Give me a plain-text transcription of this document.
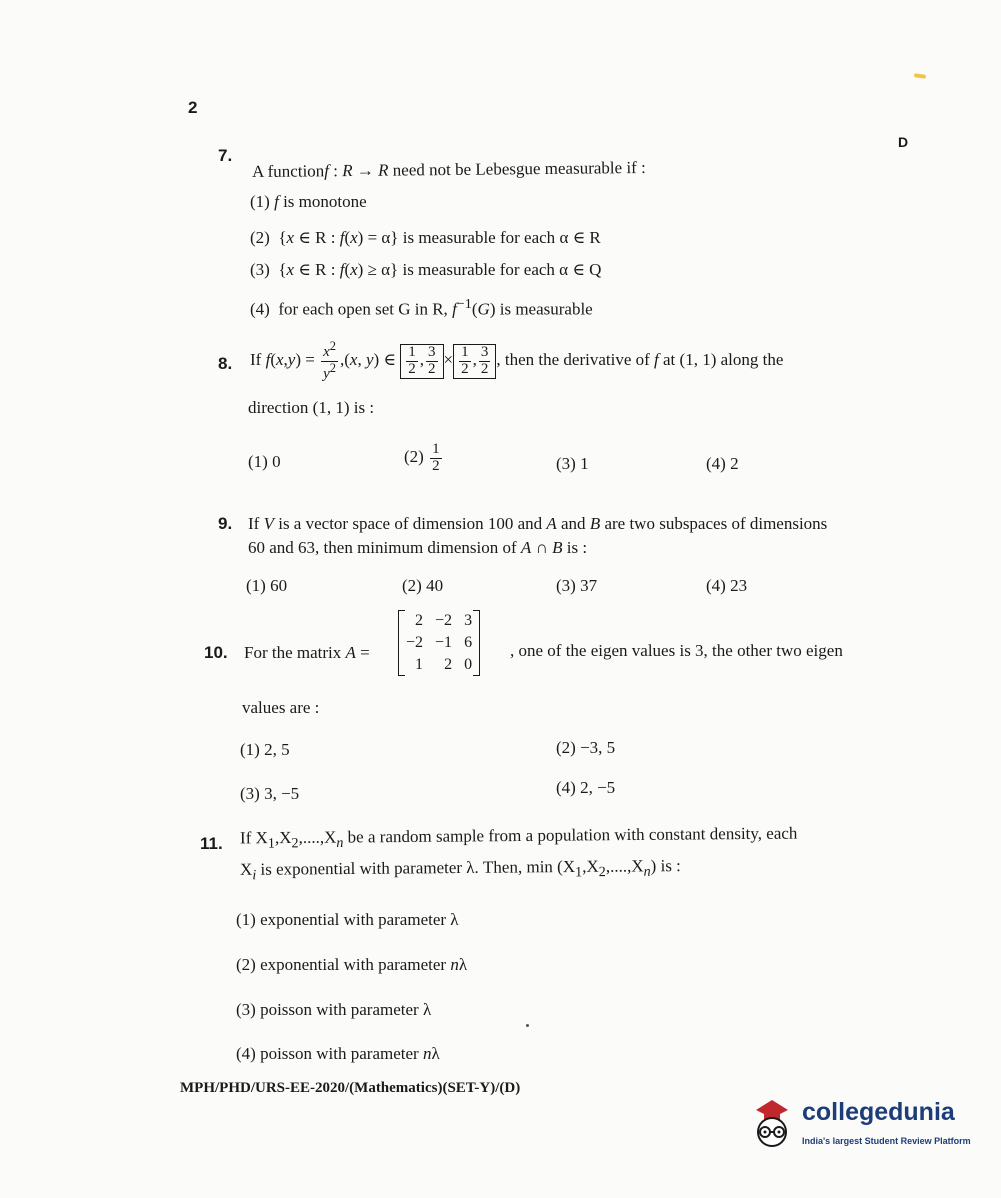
2
D
7.
A functionf : R → R need not be Lebesgue measurable if :
(1) f is monotone
(2)  {x ∈ R : f(x) = α} is measurable for each α ∈ R
(3)  {x ∈ R : f(x) ≥ α} is measurable for each α ∈ Q
(4) for each open set G in R, $f^{-1}(G)$ is measurable
8. If $f(x,y) = \frac{x^2}{y^2} ,(x$, y) ∈ $\frac{1}{2}$ , $\frac{3}{2} \times \frac{1}{2}$ , $\frac{3}{2}$ , then the derivative of f at (1, 1) along the
direction (1, 1) is :
(1) 0	$(2) \frac{1}{2}$	(3) 1	(4) 2
9. If V is a vector space of dimension 100 and A and B are two subspaces of dimensions
60 and 63, then minimum dimension of A ∩ B is :
(1) 60	(2) 40	(3) 37	(4) 23
10. For the matrix A =
2	−2	3
−2	−1	6
1	2	0
, one of the eigen values is 3, the other two eigen
values are :
(1) 2, 5	(2) −3, 5
(3) 3, −5	(4) 2, −5
11. If $X_1,X_2,....,X_n$ be a random sample from a population with constant density, each
$X_i$ is exponential with parameter λ. Then, $\min (X_1,X_2,....,X_n)$ is :
(1) exponential with parameter λ
(2) exponential with parameter nλ
(3) poisson with parameter λ
(4) poisson with parameter nλ
MPH/PHD/URS-EE-2020/(Mathematics)(SET-Y)/(D)
collegedunia
India's largest Student Review Platform
